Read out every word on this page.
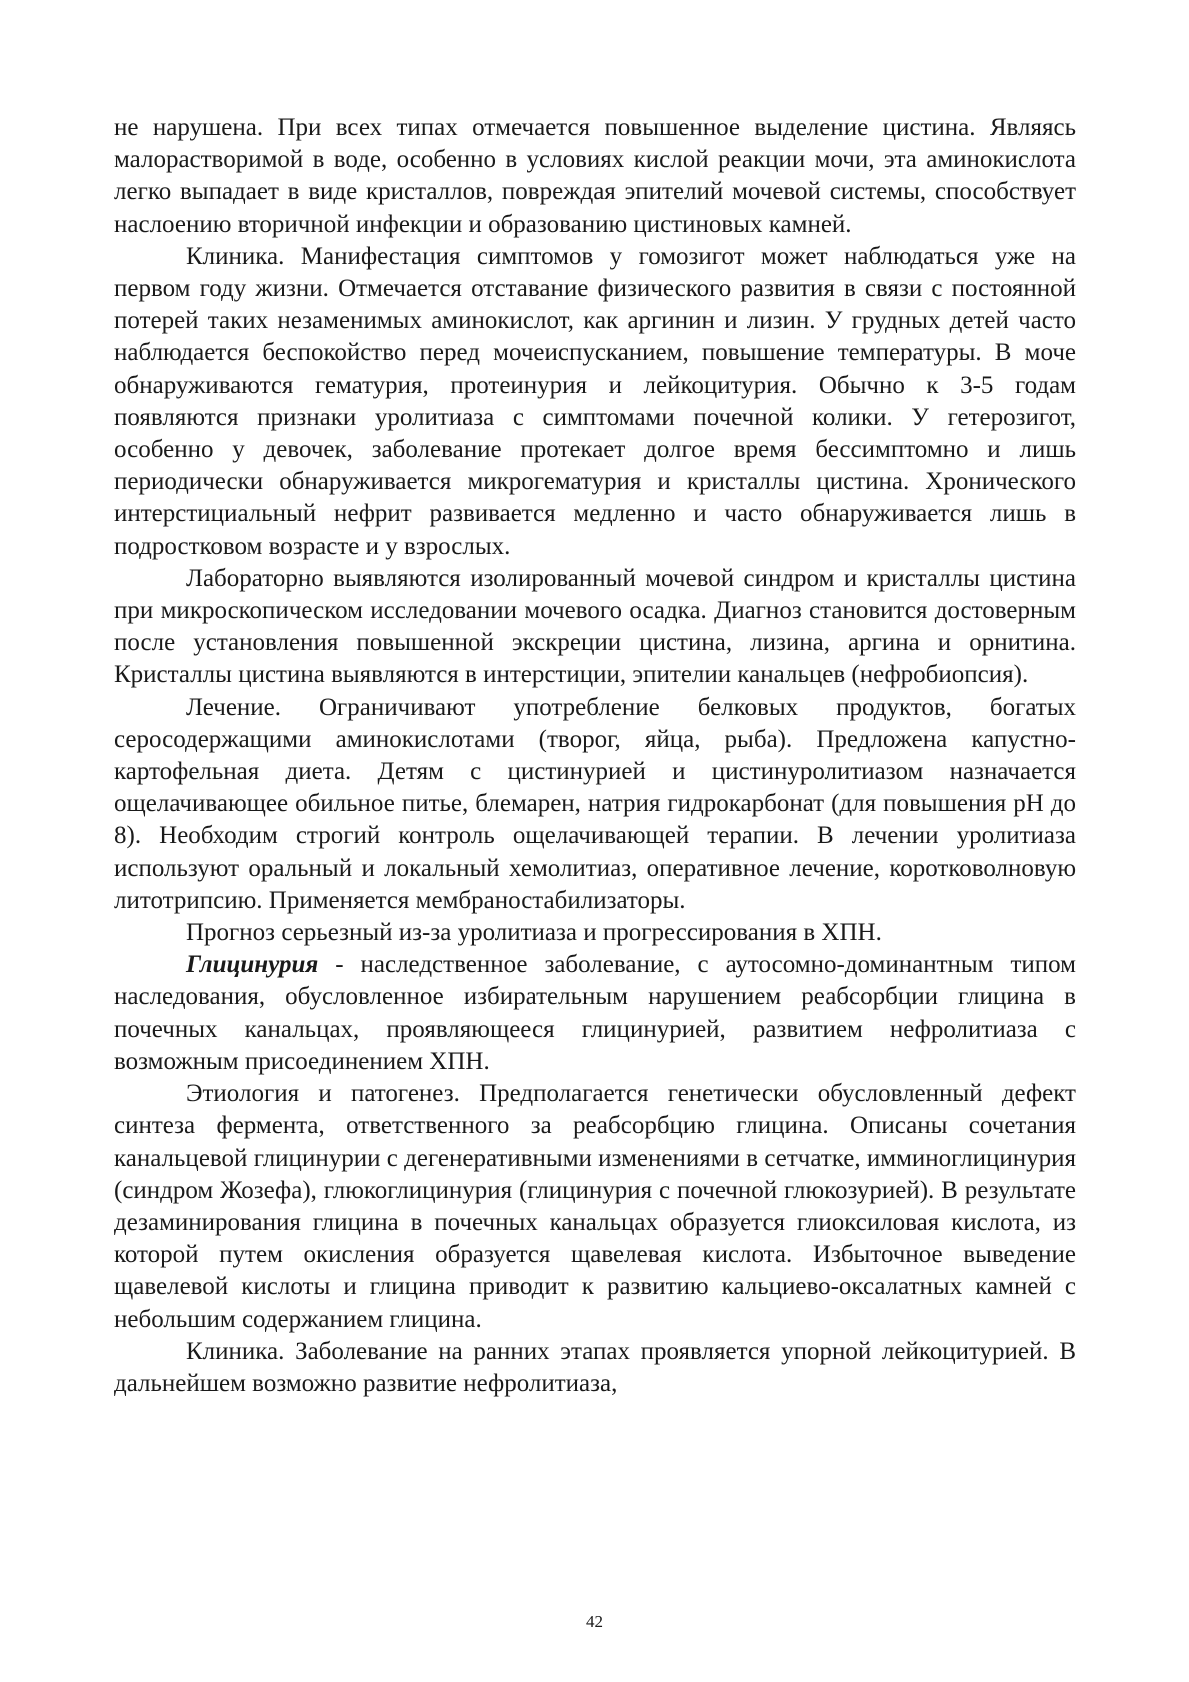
не нарушена. При всех типах отмечается повышенное выделение цистина. Являясь малорастворимой в воде, особенно в условиях кислой реакции мочи, эта аминокислота легко выпадает в виде кристаллов, повреждая эпителий мочевой системы, способствует наслоению вторичной инфекции и образованию цистиновых камней.

Клиника. Манифестация симптомов у гомозигот может наблюдаться уже на первом году жизни. Отмечается отставание физического развития в связи с постоянной потерей таких незаменимых аминокислот, как аргинин и лизин. У грудных детей часто наблюдается беспокойство перед мочеиспусканием, повышение температуры. В моче обнаруживаются гематурия, протеинурия и лейкоцитурия. Обычно к 3-5 годам появляются признаки уролитиаза с симптомами почечной колики. У гетерозигот, особенно у девочек, заболевание протекает долгое время бессимптомно и лишь периодически обнаруживается микрогематурия и кристаллы цистина. Хронического интерстициальный нефрит развивается медленно и часто обнаруживается лишь в подростковом возрасте и у взрослых.

Лабораторно выявляются изолированный мочевой синдром и кристаллы цистина при микроскопическом исследовании мочевого осадка. Диагноз становится достоверным после установления повышенной экскреции цистина, лизина, аргина и орнитина. Кристаллы цистина выявляются в интерстиции, эпителии канальцев (нефробиопсия).

Лечение. Ограничивают употребление белковых продуктов, богатых серосодержащими аминокислотами (творог, яйца, рыба). Предложена капустно-картофельная диета. Детям с цистинурией и цистинуролитиазом назначается ощелачивающее обильное питье, блемарен, натрия гидрокарбонат (для повышения pH до 8). Необходим строгий контроль ощелачивающей терапии. В лечении уролитиаза используют оральный и локальный хемолитиаз, оперативное лечение, коротковолновую литотрипсию. Применяется мембраностабилизаторы.

Прогноз серьезный из-за уролитиаза и прогрессирования в ХПН.

Глицинурия - наследственное заболевание, с аутосомно-доминантным типом наследования, обусловленное избирательным нарушением реабсорбции глицина в почечных канальцах, проявляющееся глицинурией, развитием нефролитиаза с возможным присоединением ХПН.

Этиология и патогенез. Предполагается генетически обусловленный дефект синтеза фермента, ответственного за реабсорбцию глицина. Описаны сочетания канальцевой глицинурии с дегенеративными изменениями в сетчатке, имминоглицинурия (синдром Жозефа), глюкоглицинурия (глицинурия с почечной глюкозурией). В результате дезаминирования глицина в почечных канальцах образуется глиоксиловая кислота, из которой путем окисления образуется щавелевая кислота. Избыточное выведение щавелевой кислоты и глицина приводит к развитию кальциево-оксалатных камней с небольшим содержанием глицина.

Клиника. Заболевание на ранних этапах проявляется упорной лейкоцитурией. В дальнейшем возможно развитие нефролитиаза,

42
